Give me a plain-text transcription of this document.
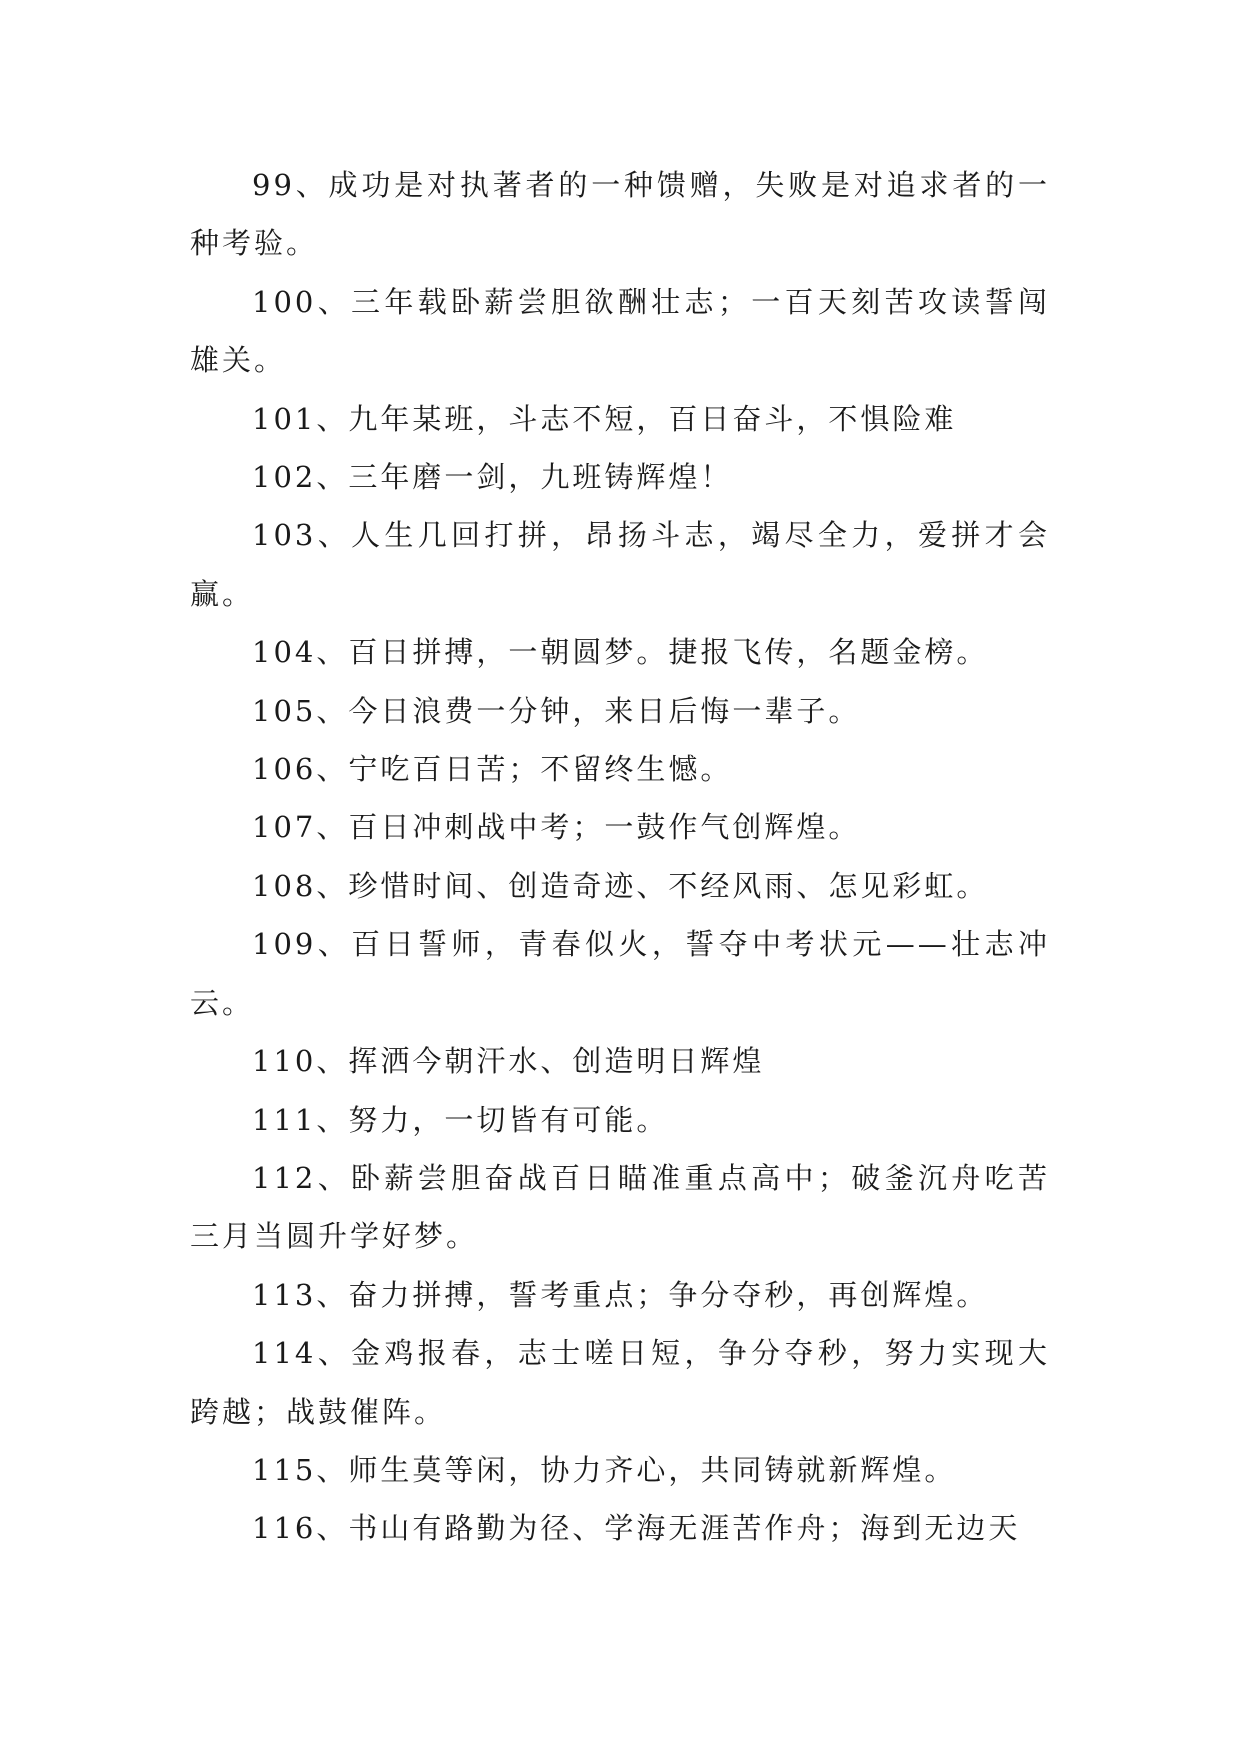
99、成功是对执著者的一种馈赠，失败是对追求者的一种考验。

100、三年载卧薪尝胆欲酬壮志；一百天刻苦攻读誓闯雄关。

101、九年某班，斗志不短，百日奋斗，不惧险难

102、三年磨一剑，九班铸辉煌！

103、人生几回打拼，昂扬斗志，竭尽全力，爱拼才会赢。

104、百日拼搏，一朝圆梦。捷报飞传，名题金榜。

105、今日浪费一分钟，来日后悔一辈子。

106、宁吃百日苦；不留终生憾。

107、百日冲刺战中考；一鼓作气创辉煌。

108、珍惜时间、创造奇迹、不经风雨、怎见彩虹。

109、百日誓师，青春似火，誓夺中考状元——壮志冲云。

110、挥洒今朝汗水、创造明日辉煌

111、努力，一切皆有可能。

112、卧薪尝胆奋战百日瞄准重点高中；破釜沉舟吃苦三月当圆升学好梦。

113、奋力拼搏，誓考重点；争分夺秒，再创辉煌。

114、金鸡报春，志士嗟日短，争分夺秒，努力实现大跨越；战鼓催阵。

115、师生莫等闲，协力齐心，共同铸就新辉煌。

116、书山有路勤为径、学海无涯苦作舟；海到无边天
